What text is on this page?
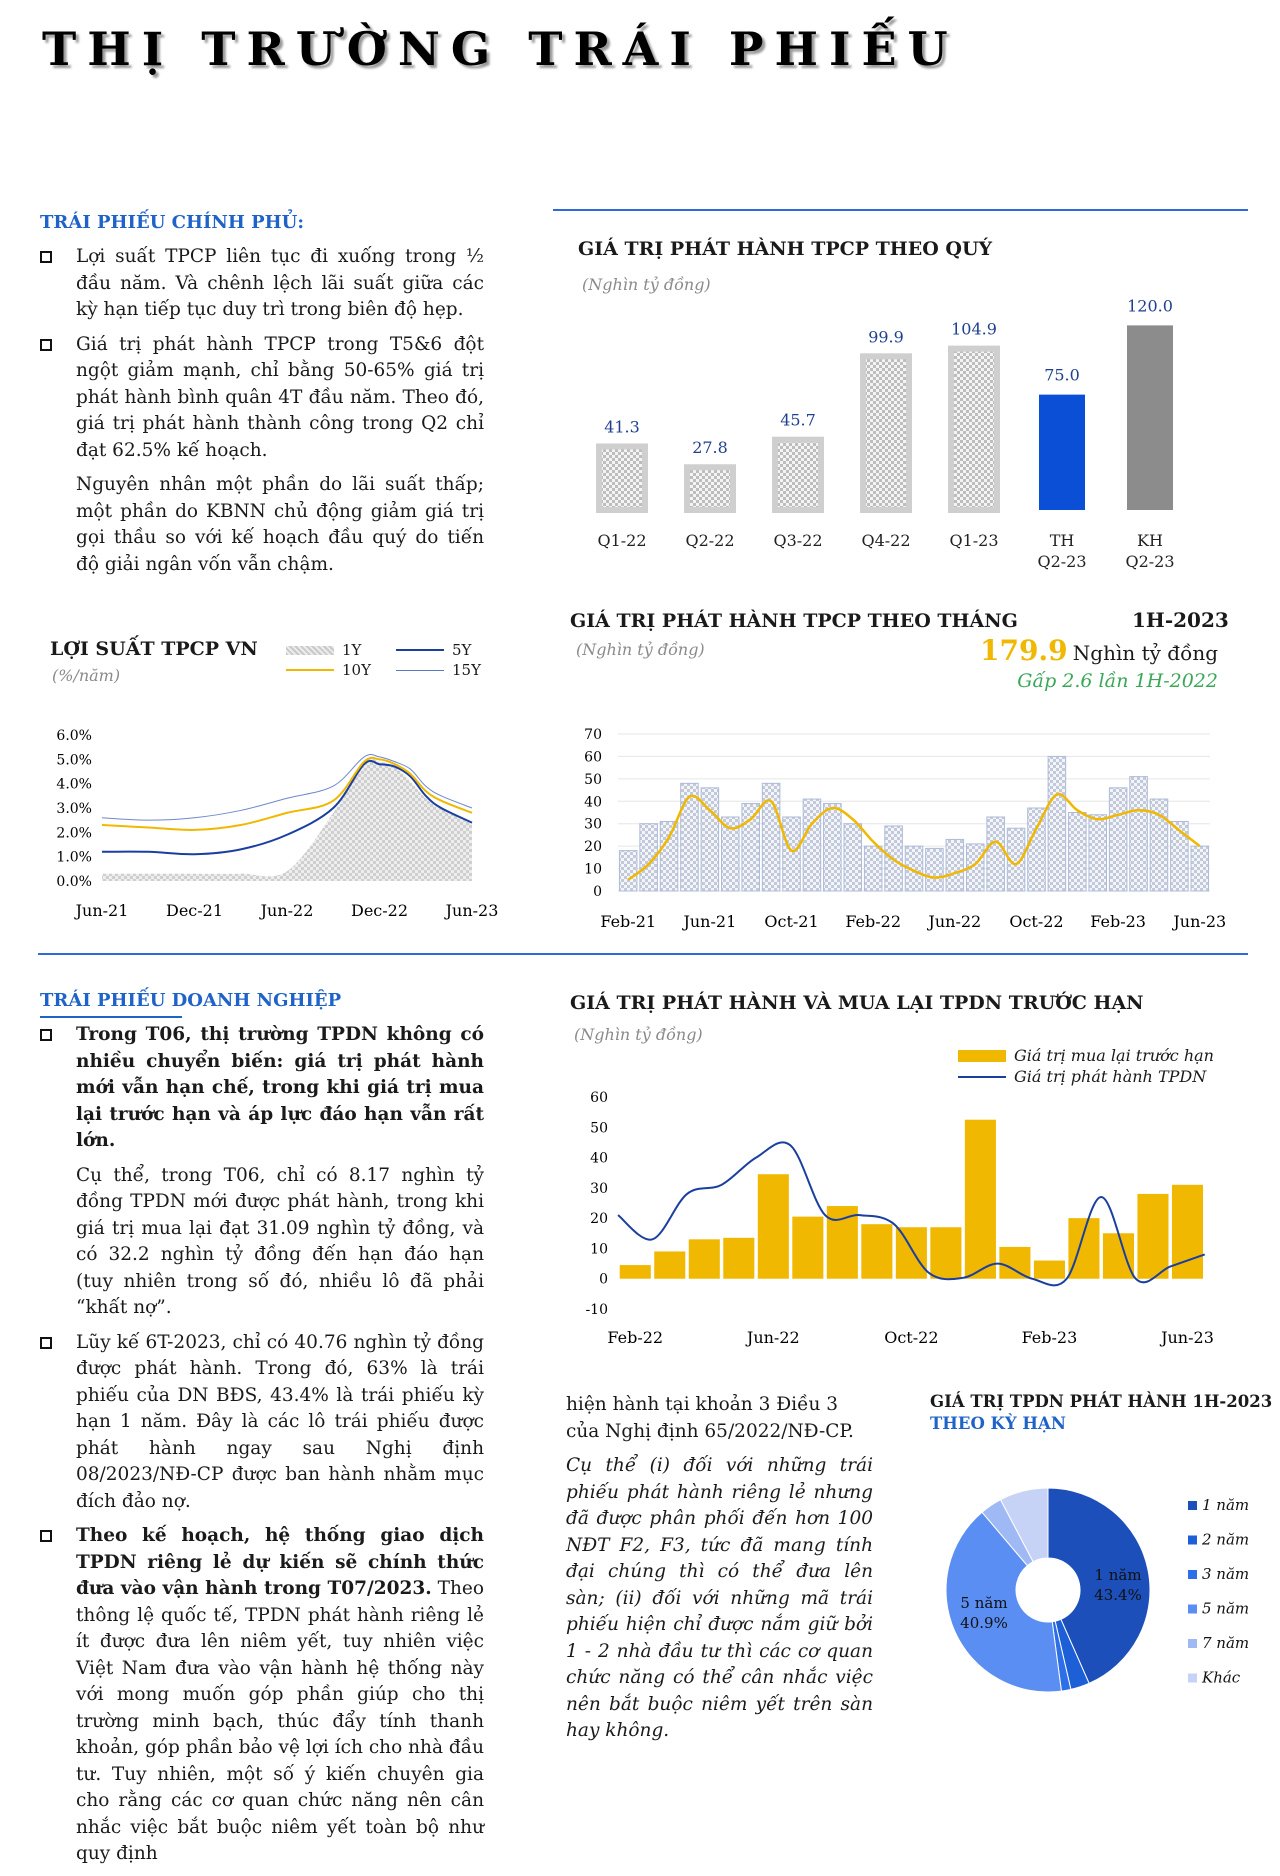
THỊ TRƯỜNG TRÁI PHIẾU
TRÁI PHIẾU CHÍNH PHỦ:

Lợi suất TPCP liên tục đi xuống trong ½ đầu năm. Và chênh lệch lãi suất giữa các kỳ hạn tiếp tục duy trì trong biên độ hẹp.

Giá trị phát hành TPCP trong T5&6 đột ngột giảm mạnh, chỉ bằng 50-65% giá trị phát hành bình quân 4T đầu năm. Theo đó, giá trị phát hành thành công trong Q2 chỉ đạt 62.5% kế hoạch.

Nguyên nhân một phần do lãi suất thấp; một phần do KBNN chủ động giảm giá trị gọi thầu so với kế hoạch đầu quý do tiến độ giải ngân vốn vẫn chậm.

GIÁ TRỊ PHÁT HÀNH TPCP THEO QUÝ
(Nghìn tỷ đồng)
41.3
Q1-22
27.8
Q2-22
45.7
Q3-22
99.9
Q4-22
104.9
Q1-23
75.0
TH
Q2-23
120.0
KH
Q2-23
LỢI SUẤT TPCP VN
(%/năm)
1Y	5Y
10Y	15Y
0.0%
1.0%
2.0%
3.0%
4.0%
5.0%
6.0%
Jun-21 Dec-21 Jun-22 Dec-22 Jun-23
GIÁ TRỊ PHÁT HÀNH TPCP THEO THÁNG	1H-2023
(Nghìn tỷ đồng)	179.9 Nghìn tỷ đồng
Gấp 2.6 lần 1H-2022
0
10
20
30
40
50
60
70
Feb-21 Jun-21 Oct-21 Feb-22 Jun-22 Oct-22 Feb-23 Jun-23
TRÁI PHIẾU DOANH NGHIỆP

Trong T06, thị trường TPDN không có nhiều chuyển biến: giá trị phát hành mới vẫn hạn chế, trong khi giá trị mua lại trước hạn và áp lực đáo hạn vẫn rất lớn.

Cụ thể, trong T06, chỉ có 8.17 nghìn tỷ đồng TPDN mới được phát hành, trong khi giá trị mua lại đạt 31.09 nghìn tỷ đồng, và có 32.2 nghìn tỷ đồng đến hạn đáo hạn (tuy nhiên trong số đó, nhiều lô đã phải “khất nợ”.

Lũy kế 6T-2023, chỉ có 40.76 nghìn tỷ đồng được phát hành. Trong đó, 63% là trái phiếu của DN BĐS, 43.4% là trái phiếu kỳ hạn 1 năm. Đây là các lô trái phiếu được phát hành ngay sau Nghị định 08/2023/NĐ-CP được ban hành nhằm mục đích đảo nợ.

Theo kế hoạch, hệ thống giao dịch TPDN riêng lẻ dự kiến sẽ chính thức đưa vào vận hành trong T07/2023. Theo thông lệ quốc tế, TPDN phát hành riêng lẻ ít được đưa lên niêm yết, tuy nhiên việc Việt Nam đưa vào vận hành hệ thống này với mong muốn góp phần giúp cho thị trường minh bạch, thúc đẩy tính thanh khoản, góp phần bảo vệ lợi ích cho nhà đầu tư. Tuy nhiên, một số ý kiến chuyên gia cho rằng các cơ quan chức năng nên cân nhắc việc bắt buộc niêm yết toàn bộ như quy định

GIÁ TRỊ PHÁT HÀNH VÀ MUA LẠI TPDN TRƯỚC HẠN
(Nghìn tỷ đồng)
Giá trị mua lại trước hạn
Giá trị phát hành TPDN
-10
0
10
20
30
40
50
60
Feb-22	Jun-22	Oct-22	Feb-23	Jun-23

hiện hành tại khoản 3 Điều 3 của Nghị định 65/2022/NĐ-CP.

Cụ thể (i) đối với những trái phiếu phát hành riêng lẻ nhưng đã được phân phối đến hơn 100 NĐT F2, F3, tức đã mang tính đại chúng thì có thể đưa lên sàn; (ii) đối với những mã trái phiếu hiện chỉ được nắm giữ bởi 1 - 2 nhà đầu tư thì các cơ quan chức năng có thể cân nhắc việc nên bắt buộc niêm yết trên sàn hay không.

GIÁ TRỊ TPDN PHÁT HÀNH 1H-2023
THEO KỲ HẠN
1 năm
43.4%
5 năm
40.9%
1 năm
2 năm
3 năm
5 năm
7 năm
Khác
